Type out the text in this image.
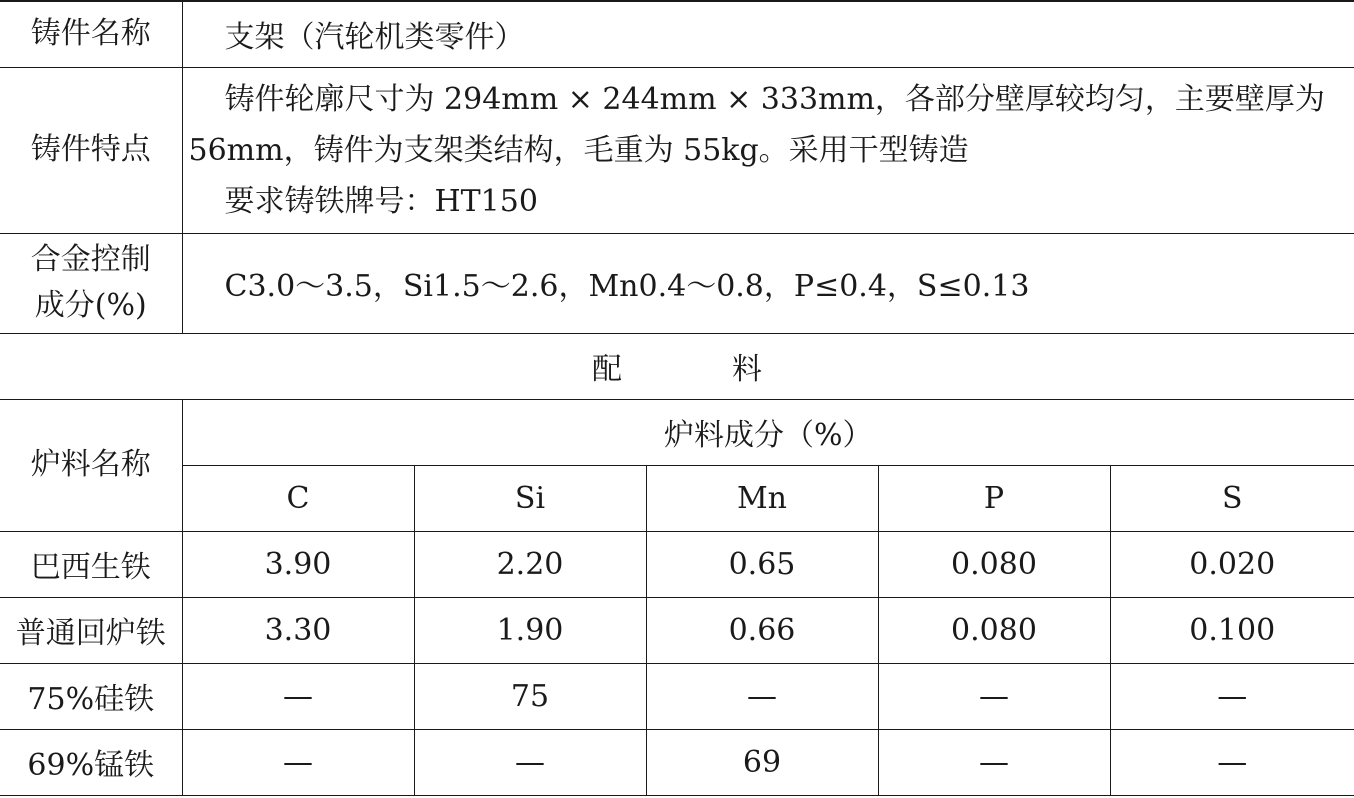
铸件名称	支架（汽轮机类零件）				
铸件特点	铸件轮廓尺寸为 294mm × 244mm × 333mm，各部分壁厚较均匀，主要壁厚为56mm，铸件为支架类结构，毛重为 55kg。采用干型铸造

要求铸铁牌号：HT150				

合金控制
成分(%)	C3.0～3.5，Si1.5～2.6，Mn0.4～0.8，P≤0.4，S≤0.13				
配 料					
炉料名称	炉料成分（%）				
	C	Si	Mn	P	S
巴西生铁	3.90	2.20	0.65	0.080	0.020
普通回炉铁	3.30	1.90	0.66	0.080	0.100
75%硅铁	—	75	—	—	—
69%锰铁	—	—	69	—	—
